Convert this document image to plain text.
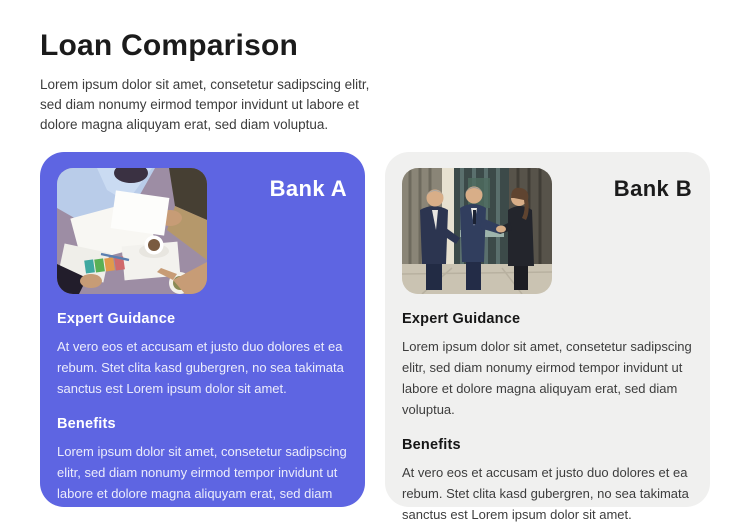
Loan Comparison

Lorem ipsum dolor sit amet, consetetur sadipscing elitr, sed diam nonumy eirmod tempor invidunt ut labore et dolore magna aliquyam erat, sed diam voluptua.

Bank A
Expert Guidance

At vero eos et accusam et justo duo dolores et ea rebum. Stet clita kasd gubergren, no sea takimata sanctus est Lorem ipsum dolor sit amet.

Benefits

Lorem ipsum dolor sit amet, consetetur sadipscing elitr, sed diam nonumy eirmod tempor invidunt ut labore et dolore magna aliquyam erat, sed diam voluptua.

Bank B
Expert Guidance

Lorem ipsum dolor sit amet, consetetur sadipscing elitr, sed diam nonumy eirmod tempor invidunt ut labore et dolore magna aliquyam erat, sed diam voluptua.

Benefits

At vero eos et accusam et justo duo dolores et ea rebum. Stet clita kasd gubergren, no sea takimata sanctus est Lorem ipsum dolor sit amet.
